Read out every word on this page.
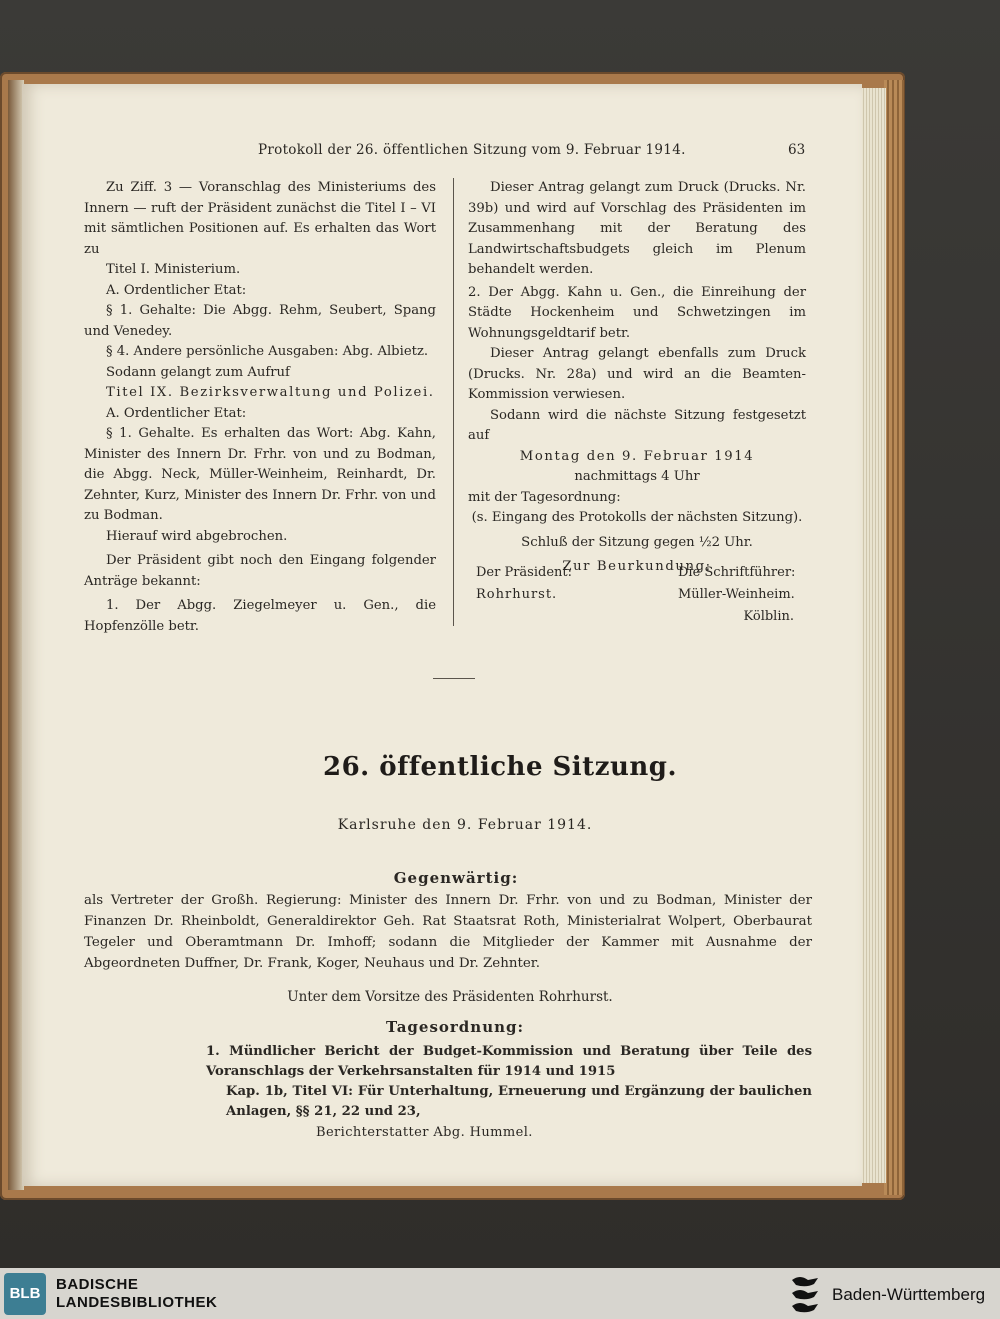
Protokoll der 26. öffentlichen Sitzung vom 9. Februar 1914.	63

Zu Ziff. 3 — Voranschlag des Ministeriums des Innern — ruft der Präsident zunächst die Titel I – VI mit sämtlichen Positionen auf. Es erhalten das Wort zu

Titel I. Ministerium.

A. Ordentlicher Etat:

§ 1. Gehalte: Die Abgg. Rehm, Seubert, Spang und Venedey.

§ 4. Andere persönliche Ausgaben: Abg. Albietz.

Sodann gelangt zum Aufruf

Titel IX. Bezirksverwaltung und Polizei.

A. Ordentlicher Etat:

§ 1. Gehalte. Es erhalten das Wort: Abg. Kahn, Minister des Innern Dr. Frhr. von und zu Bodman, die Abgg. Neck, Müller-Weinheim, Reinhardt, Dr. Zehnter, Kurz, Minister des Innern Dr. Frhr. von und zu Bodman.

Hierauf wird abgebrochen.

Der Präsident gibt noch den Eingang folgender Anträge bekannt:

1. Der Abgg. Ziegelmeyer u. Gen., die Hopfenzölle betr.

Dieser Antrag gelangt zum Druck (Drucks. Nr. 39b) und wird auf Vorschlag des Präsidenten im Zusammenhang mit der Beratung des Landwirtschaftsbudgets gleich im Plenum behandelt werden.

2. Der Abgg. Kahn u. Gen., die Einreihung der Städte Hockenheim und Schwetzingen im Wohnungsgeldtarif betr.

Dieser Antrag gelangt ebenfalls zum Druck (Drucks. Nr. 28a) und wird an die Beamten-Kommission verwiesen.

Sodann wird die nächste Sitzung festgesetzt auf

Montag den 9. Februar 1914

nachmittags 4 Uhr

mit der Tagesordnung:

(s. Eingang des Protokolls der nächsten Sitzung).

Schluß der Sitzung gegen ½2 Uhr.

Zur Beurkundung:

Der Präsident:
Rohrhurst.
Die Schriftführer:
Müller-Weinheim.
Kölblin.
26. öffentliche Sitzung.
Karlsruhe den 9. Februar 1914.
Gegenwärtig:

als Vertreter der Großh. Regierung: Minister des Innern Dr. Frhr. von und zu Bodman, Minister der Finanzen Dr. Rheinboldt, Generaldirektor Geh. Rat Staatsrat Roth, Ministerialrat Wolpert, Oberbaurat Tegeler und Oberamtmann Dr. Imhoff; sodann die Mitglieder der Kammer mit Ausnahme der Abgeordneten Duffner, Dr. Frank, Koger, Neuhaus und Dr. Zehnter.

Unter dem Vorsitze des Präsidenten Rohrhurst.
Tagesordnung:

1. Mündlicher Bericht der Budget-Kommission und Beratung über Teile des Voranschlags der Verkehrsanstalten für 1914 und 1915

Kap. 1b, Titel VI: Für Unterhaltung, Erneuerung und Ergänzung der baulichen Anlagen, §§ 21, 22 und 23,

Berichterstatter Abg. Hummel.
BLB
BADISCHE
LANDESBIBLIOTHEK	Baden-Württemberg
